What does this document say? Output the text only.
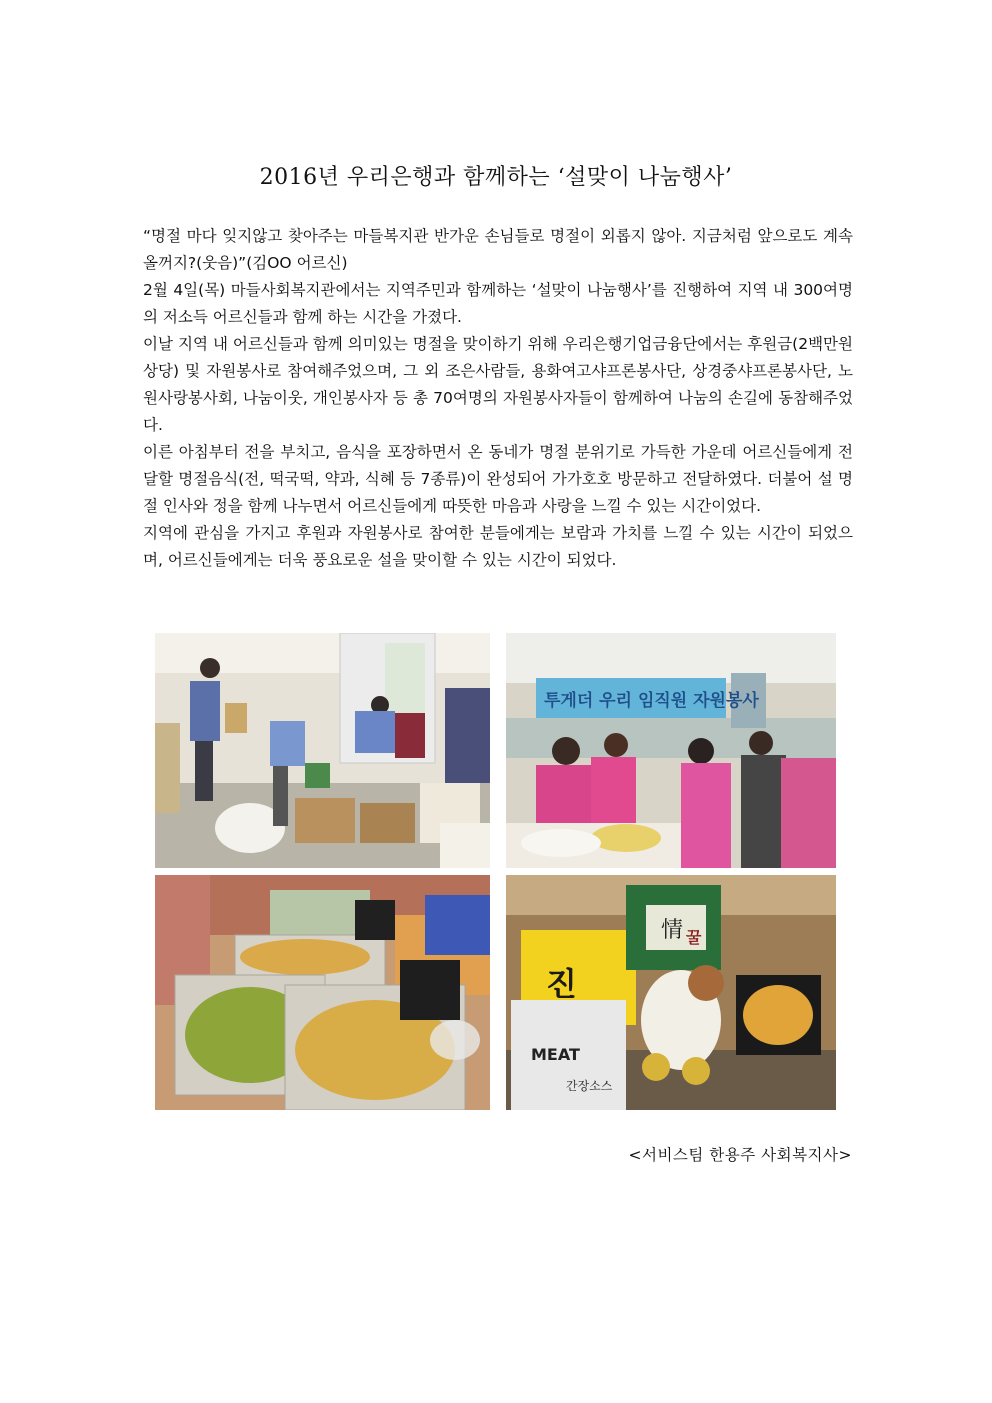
2016년 우리은행과 함께하는 ‘설맞이 나눔행사’

“명절 마다 잊지않고 찾아주는 마들복지관 반가운 손님들로 명절이 외롭지 않아. 지금처럼 앞으로도 계속 올꺼지?(웃음)”(김OO 어르신)

2월 4일(목) 마들사회복지관에서는 지역주민과 함께하는 ‘설맞이 나눔행사’를 진행하여 지역 내 300여명의 저소득 어르신들과 함께 하는 시간을 가졌다.

이날 지역 내 어르신들과 함께 의미있는 명절을 맞이하기 위해 우리은행기업금융단에서는 후원금(2백만원 상당) 및 자원봉사로 참여해주었으며, 그 외 조은사람들, 용화여고샤프론봉사단, 상경중샤프론봉사단, 노원사랑봉사회, 나눔이웃, 개인봉사자 등 총 70여명의 자원봉사자들이 함께하여 나눔의 손길에 동참해주었다.

이른 아침부터 전을 부치고, 음식을 포장하면서 온 동네가 명절 분위기로 가득한 가운데 어르신들에게 전달할 명절음식(전, 떡국떡, 약과, 식혜 등 7종류)이 완성되어 가가호호 방문하고 전달하였다. 더불어 설 명절 인사와 정을 함께 나누면서 어르신들에게 따뜻한 마음과 사랑을 느낄 수 있는 시간이었다.

지역에 관심을 가지고 후원과 자원봉사로 참여한 분들에게는 보람과 가치를 느낄 수 있는 시간이 되었으며, 어르신들에게는 더욱 풍요로운 설을 맞이할 수 있는 시간이 되었다.

투게더 우리 임직원 자원봉사
진
情 꿀
MEAT
간장소스
<서비스팀 한용주 사회복지사>
